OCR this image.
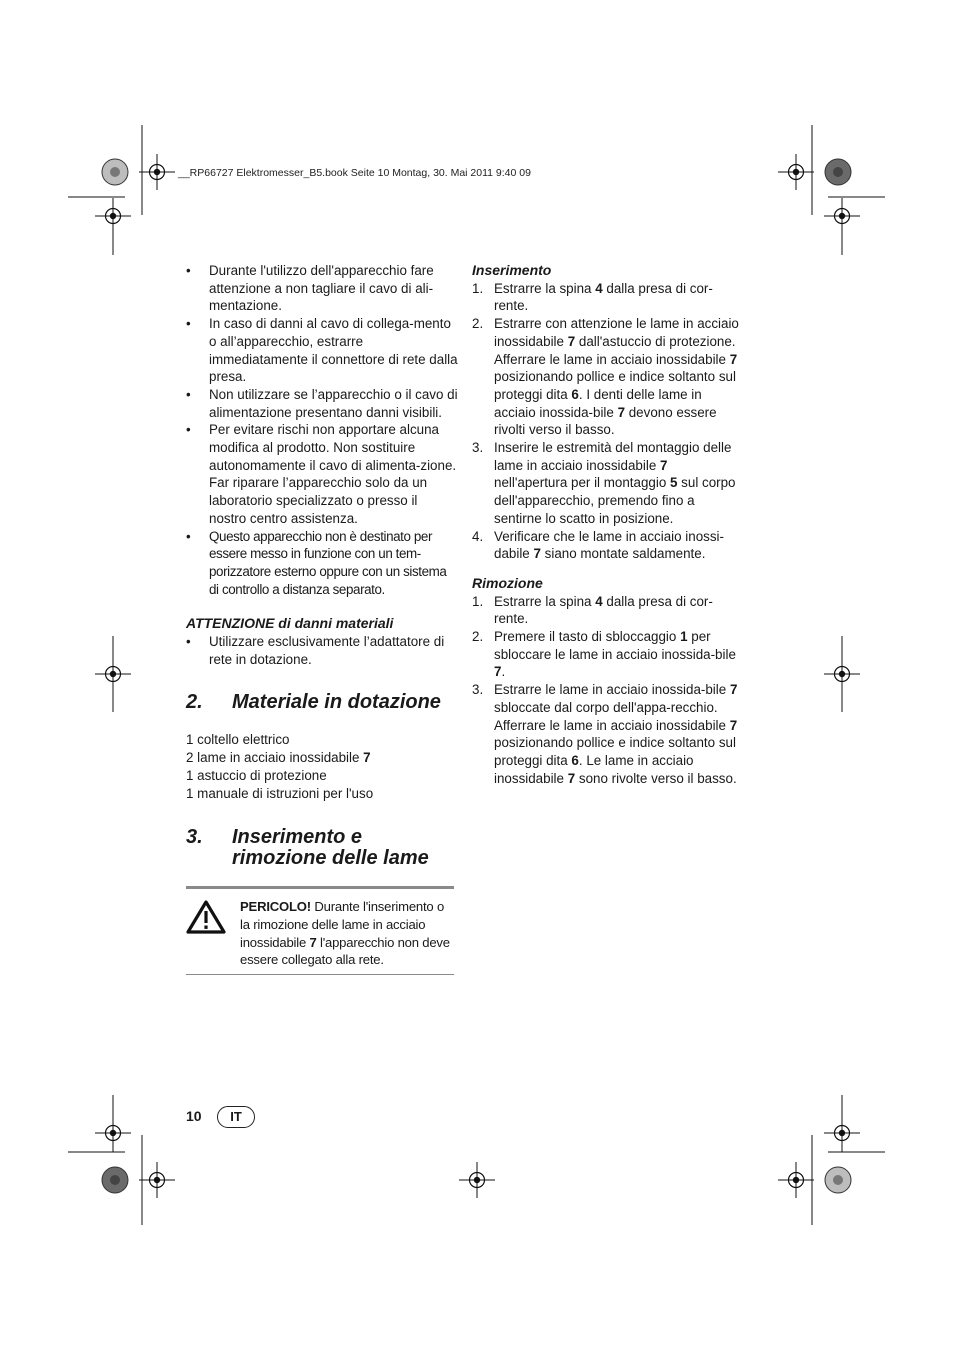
__RP66727 Elektromesser_B5.book Seite 10 Montag, 30. Mai 2011 9:40 09
• Durante l'utilizzo dell'apparecchio fare attenzione a non tagliare il cavo di ali-mentazione.
• In caso di danni al cavo di collega-mento o all’apparecchio, estrarre immediatamente il connettore di rete dalla presa.
• Non utilizzare se l’apparecchio o il cavo di alimentazione presentano danni visibili.
• Per evitare rischi non apportare alcuna modifica al prodotto. Non sostituire autonomamente il cavo di alimenta-zione. Far riparare l’apparecchio solo da un laboratorio specializzato o presso il nostro centro assistenza.
• Questo apparecchio non è destinato per essere messo in funzione con un tem-porizzatore esterno oppure con un sistema di controllo a distanza separato.

ATTENZIONE di danni materiali

• Utilizzare esclusivamente l’adattatore di rete in dotazione.
2.	Materiale in dotazione

1 coltello elettrico

2 lame in acciaio inossidabile 7

1 astuccio di protezione

1 manuale di istruzioni per l'uso

3.	Inserimento e
rimozione delle lame
PERICOLO! Durante l'inserimento o la rimozione delle lame in acciaio inossidabile 7 l'apparecchio non deve essere collegato alla rete.

Inserimento

1. Estrarre la spina 4 dalla presa di cor-rente.
2. Estrarre con attenzione le lame in acciaio inossidabile 7 dall'astuccio di protezione. Afferrare le lame in acciaio inossidabile 7 posizionando pollice e indice soltanto sul proteggi dita 6. I denti delle lame in acciaio inossida-bile 7 devono essere rivolti verso il basso.
3. Inserire le estremità del montaggio delle lame in acciaio inossidabile 7 nell'apertura per il montaggio 5 sul corpo dell'apparecchio, premendo fino a sentirne lo scatto in posizione.
4. Verificare che le lame in acciaio inossi-dabile 7 siano montate saldamente.

Rimozione

1. Estrarre la spina 4 dalla presa di cor-rente.
2. Premere il tasto di sbloccaggio 1 per sbloccare le lame in acciaio inossida-bile 7.
3. Estrarre le lame in acciaio inossida-bile 7 sbloccate dal corpo dell'appa-recchio. Afferrare le lame in acciaio inossidabile 7 posizionando pollice e indice soltanto sul proteggi dita 6. Le lame in acciaio inossidabile 7 sono rivolte verso il basso.
10	IT
